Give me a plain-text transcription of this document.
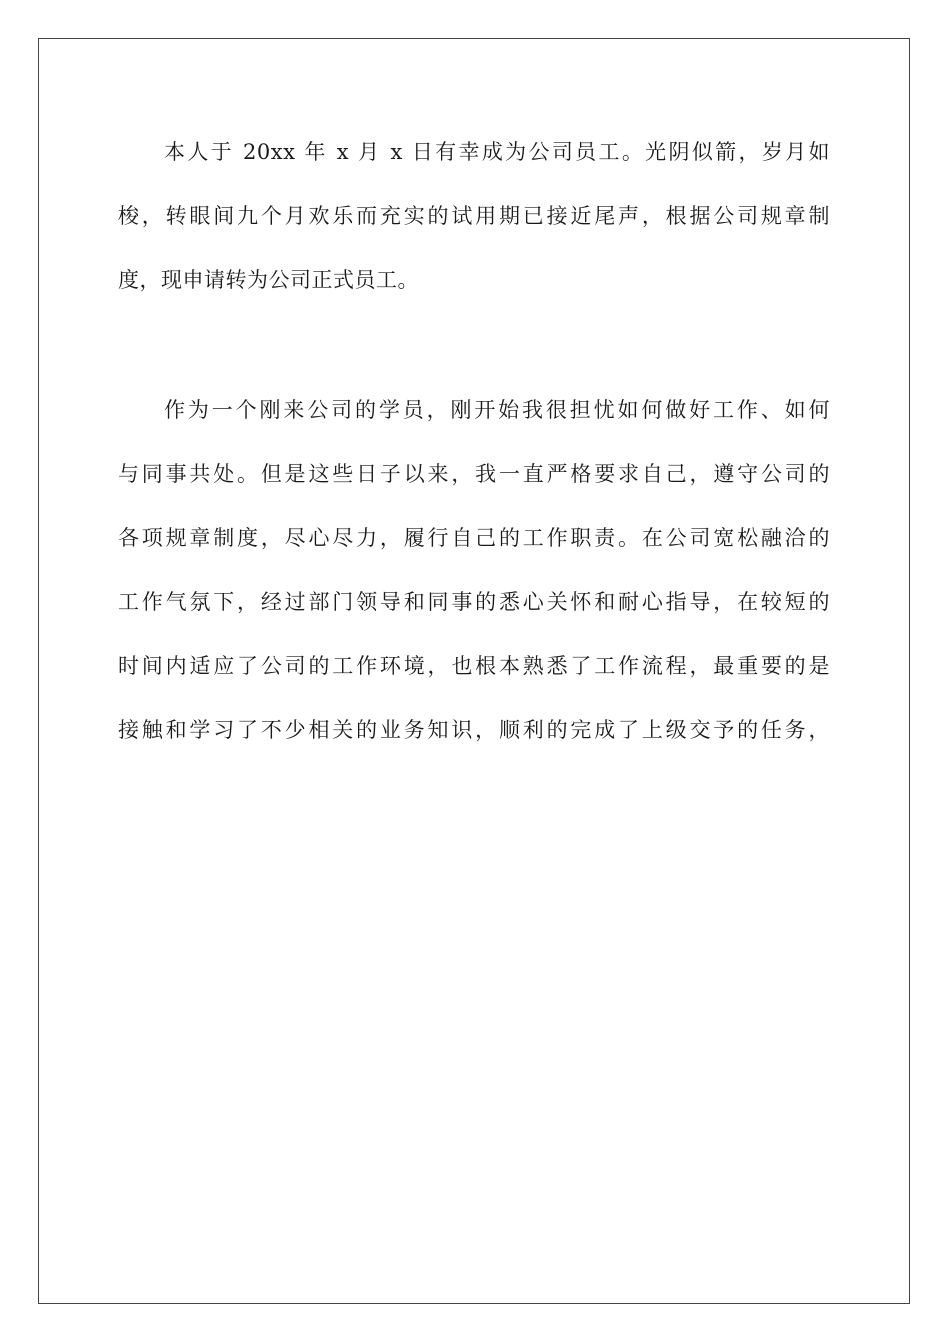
本人于 20xx 年 x 月 x 日有幸成为公司员工。光阴似箭，岁月如
梭，转眼间九个月欢乐而充实的试用期已接近尾声，根据公司规章制
度，现申请转为公司正式员工。
作为一个刚来公司的学员，刚开始我很担忧如何做好工作、如何
与同事共处。但是这些日子以来，我一直严格要求自己，遵守公司的
各项规章制度，尽心尽力，履行自己的工作职责。在公司宽松融洽的
工作气氛下，经过部门领导和同事的悉心关怀和耐心指导，在较短的
时间内适应了公司的工作环境，也根本熟悉了工作流程，最重要的是
接触和学习了不少相关的业务知识，顺利的完成了上级交予的任务，
